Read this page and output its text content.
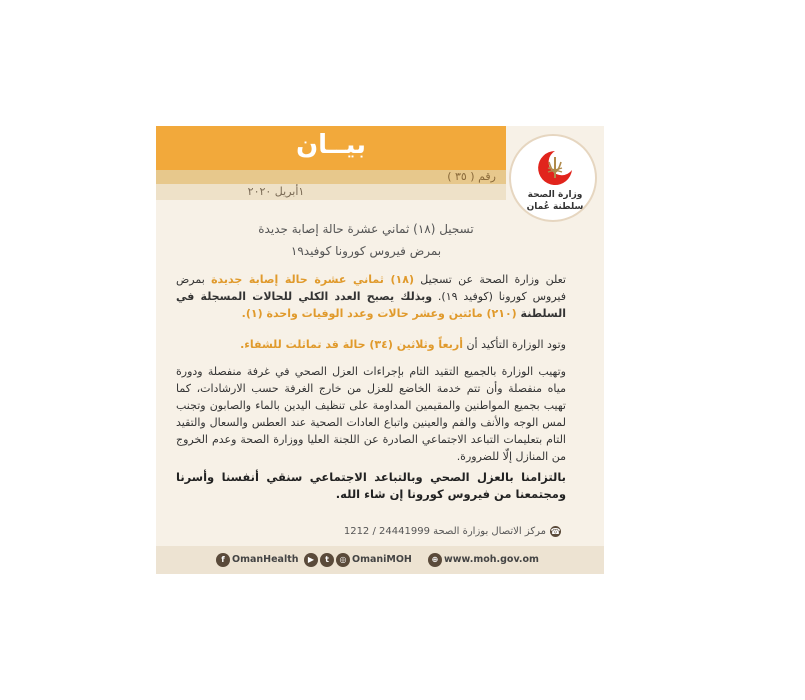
بيــان
رقم ( ٣٥ )
١أبريل ٢٠٢٠	وزارة الصحة
سلطنة عُمان
تسجيل (١٨) ثماني عشرة حالة إصابة جديدة
بمرض فيروس كورونا كوفيد١٩
تعلن وزارة الصحة عن تسجيل (١٨) ثماني عشرة حالة إصابة جديدة بمرض فيروس كورونا (كوفيد ١٩). وبذلك يصبح العدد الكلي للحالات المسجلة في السلطنة (٢١٠) مائتين وعشر حالات وعدد الوفيات واحدة (١).
وتود الوزارة التأكيد أن أربعاً وثلاثين (٣٤) حالة قد تماثلت للشفاء.
وتهيب الوزارة بالجميع التقيد التام بإجراءات العزل الصحي في غرفة منفصلة ودورة مياه منفصلة وأن تتم خدمة الخاضع للعزل من خارج الغرفة حسب الارشادات، كما تهيب بجميع المواطنين والمقيمين المداومة على تنظيف اليدين بالماء والصابون وتجنب لمس الوجه والأنف والفم والعينين واتباع العادات الصحية عند العطس والسعال والتقيد التام بتعليمات التباعد الاجتماعي الصادرة عن اللجنة العليا ووزارة الصحة وعدم الخروج من المنازل إلّا للضرورة.
بالتزامنا بالعزل الصحي وبالتباعد الاجتماعي سنقي أنفسنا وأسرنا ومجتمعنا من فيروس كورونا إن شاء الله.
☎مركز الاتصال بوزارة الصحة 24441999 / 1212
f OmanHealth	▶ t ◎ OmaniMOH	⊕ www.moh.gov.om
